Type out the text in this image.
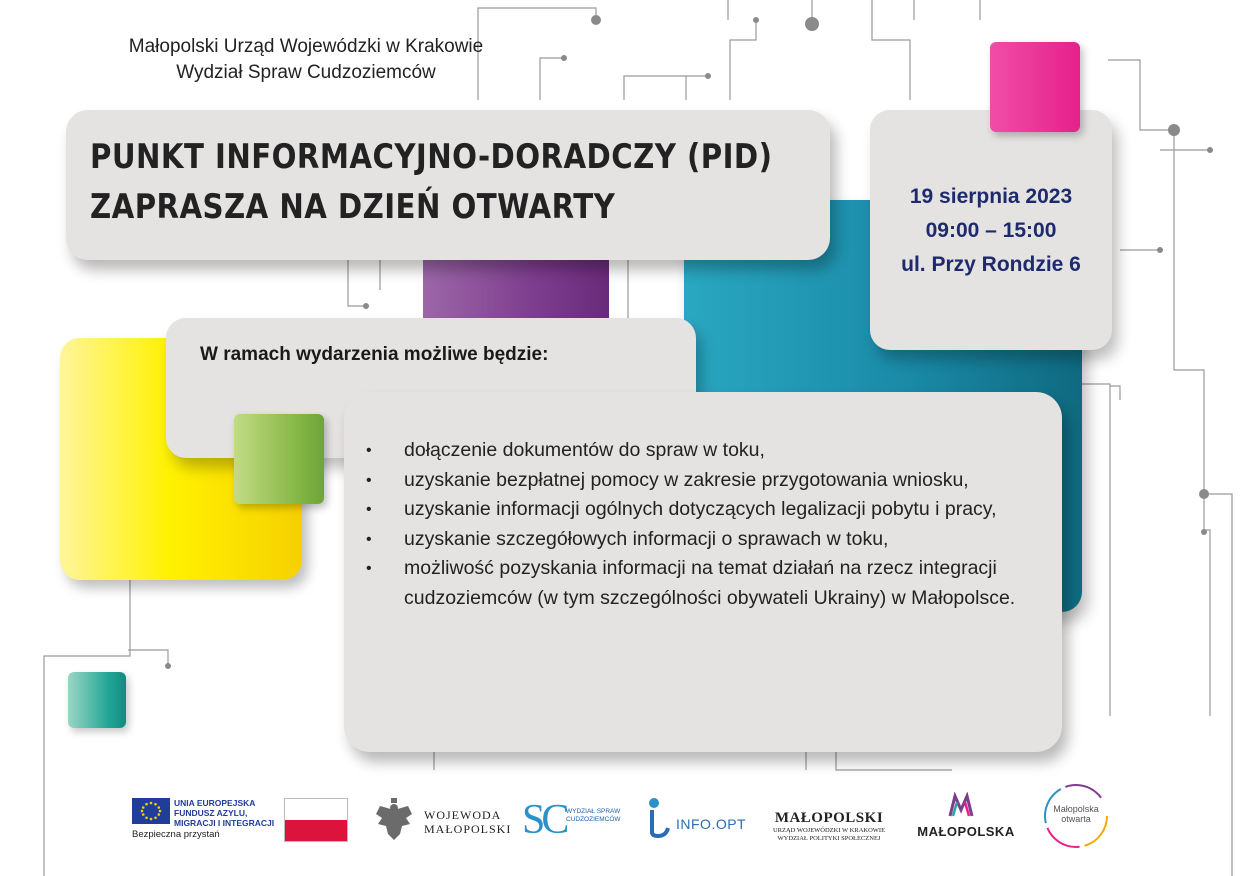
Małopolski Urząd Wojewódzki w Krakowie
Wydział Spraw Cudzoziemców
PUNKT INFORMACYJNO-DORADCZY (PID)
ZAPRASZA NA DZIEŃ OTWARTY	19 sierpnia 2023
09:00 – 15:00
ul. Przy Rondzie 6
W ramach wydarzenia możliwe będzie:
• dołączenie dokumentów do spraw w toku,
• uzyskanie bezpłatnej pomocy w zakresie przygotowania wniosku,
• uzyskanie informacji ogólnych dotyczących legalizacji pobytu i pracy,
• uzyskanie szczegółowych informacji o sprawach w toku,
• możliwość pozyskania informacji na temat działań na rzecz integracji cudzoziemców (w tym szczególności obywateli Ukrainy) w Małopolsce.
UNIA EUROPEJSKA
FUNDUSZ AZYLU,
MIGRACJI I INTEGRACJI
Bezpieczna przystań
WOJEWODA
MAŁOPOLSKI SC WYDZIAŁ SPRAW CUDZOZIEMCÓW	INFO.OPT	MAŁOPOLSKI
URZĄD WOJEWÓDZKI W KRAKOWIE
WYDZIAŁ POLITYKI SPOŁECZNEJ	MAŁOPOLSKA
Małopolska
otwarta
